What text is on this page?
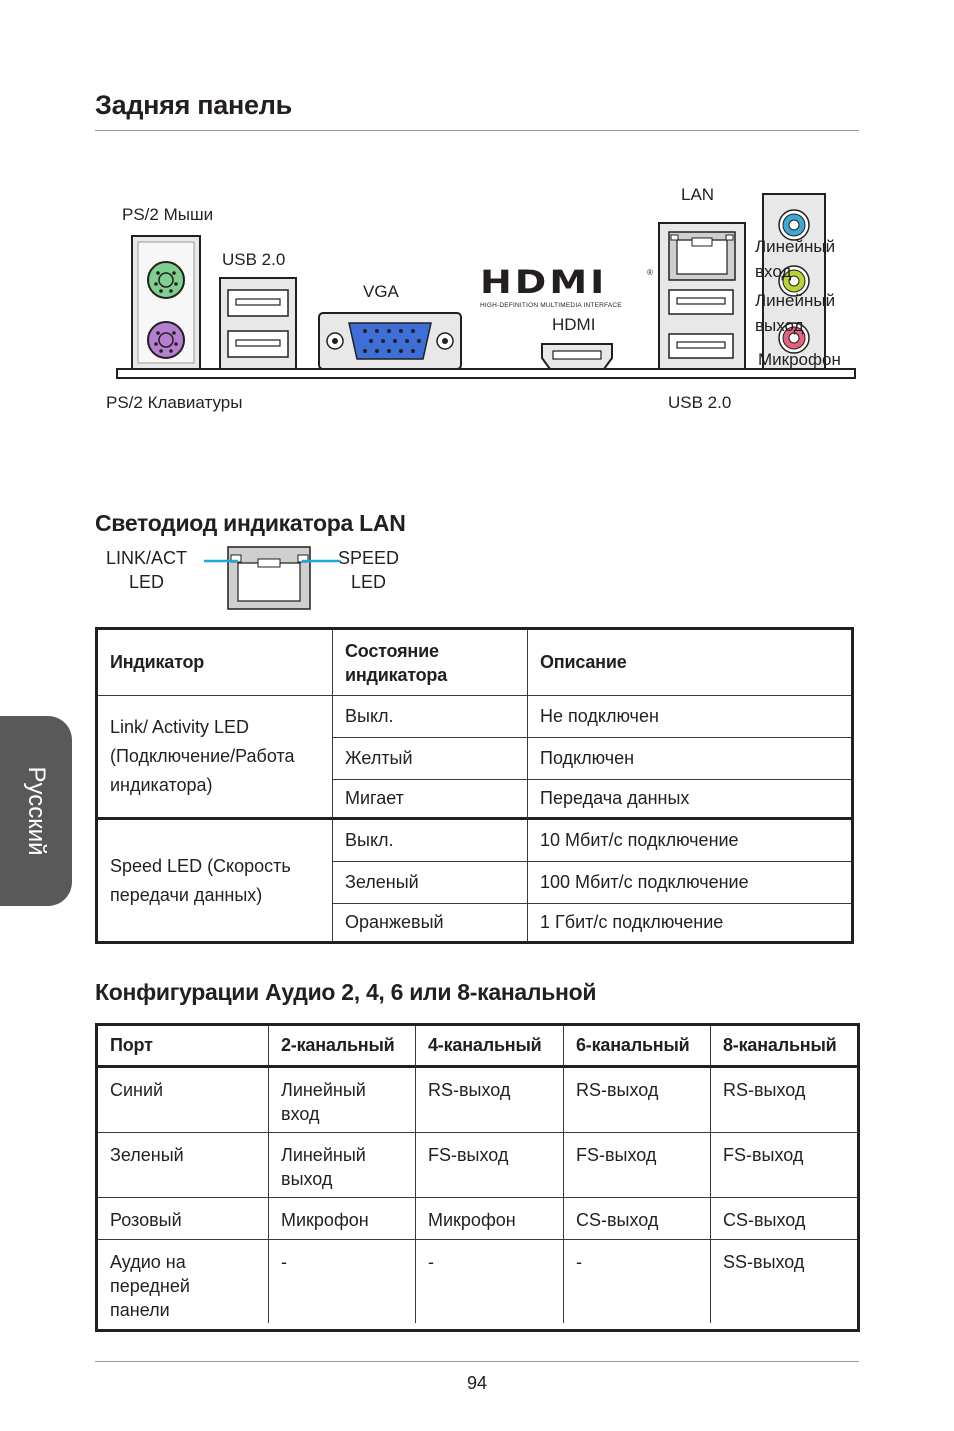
Задняя панель
HDMI
HIGH-DEFINITION MULTIMEDIA INTERFACE
®
PS/2 Мыши
USB 2.0
VGA
HDMI
LAN
Линейный
вход
Линейный
выход
Микрофон
PS/2 Клавиатуры	USB 2.0
Светодиод индикатора LAN
LINK/ACT
LED
SPEED
LED
Индикатор	Состояние индикатора	Описание
Link/ Activity LED (Подключение/Работа индикатора)	Выкл.	Не подключен
	Желтый	Подключен
	Мигает	Передача данных
Speed LED (Скорость передачи данных)	Выкл.	10 Мбит/с подключение
	Зеленый	100 Мбит/с подключение
	Оранжевый	1 Гбит/с подключение
Конфигурации Аудио 2, 4, 6 или 8-канальной
Порт	2-канальный	4-канальный	6-канальный	8-канальный
Синий	Линейный вход	RS-выход	RS-выход	RS-выход
Зеленый	Линейный выход	FS-выход	FS-выход	FS-выход
Розовый	Микрофон	Микрофон	CS-выход	CS-выход
Аудио на передней панели	-	-	-	SS-выход
Русский
94
